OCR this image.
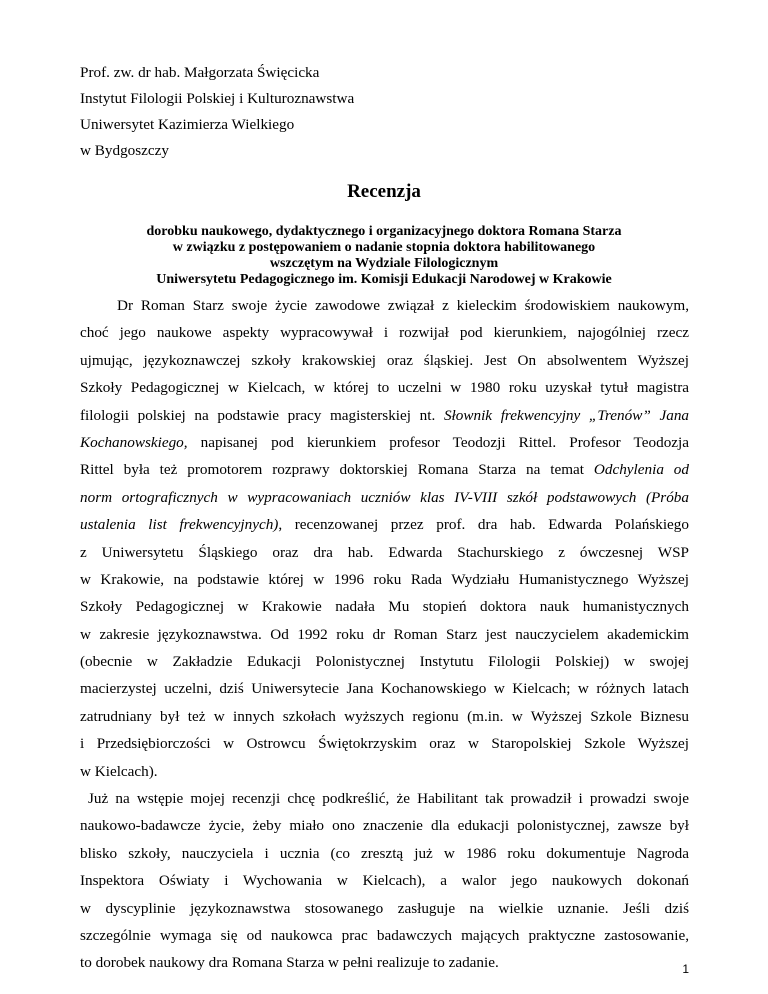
Prof. zw. dr hab. Małgorzata Święcicka
Instytut Filologii Polskiej i Kulturoznawstwa
Uniwersytet Kazimierza Wielkiego
w Bydgoszczy
Recenzja
dorobku naukowego, dydaktycznego i organizacyjnego doktora Romana Starza
w związku z postępowaniem o nadanie stopnia doktora habilitowanego
wszczętym na Wydziale Filologicznym
Uniwersytetu Pedagogicznego im. Komisji Edukacji Narodowej w Krakowie
Dr Roman Starz swoje życie zawodowe związał z kieleckim środowiskiem naukowym,
choć jego naukowe aspekty wypracowywał i rozwijał pod kierunkiem, najogólniej rzecz
ujmując, językoznawczej szkoły krakowskiej oraz śląskiej. Jest On absolwentem Wyższej
Szkoły Pedagogicznej w Kielcach, w której to uczelni w 1980 roku uzyskał tytuł magistra
filologii polskiej na podstawie pracy magisterskiej nt. Słownik frekwencyjny „Trenów” Jana
Kochanowskiego, napisanej pod kierunkiem profesor Teodozji Rittel. Profesor Teodozja
Rittel była też promotorem rozprawy doktorskiej Romana Starza na temat Odchylenia od
norm ortograficznych w wypracowaniach uczniów klas IV-VIII szkół podstawowych (Próba
ustalenia list frekwencyjnych), recenzowanej przez prof. dra hab. Edwarda Polańskiego
z Uniwersytetu Śląskiego oraz dra hab. Edwarda Stachurskiego z ówczesnej WSP
w Krakowie, na podstawie której w 1996 roku Rada Wydziału Humanistycznego Wyższej
Szkoły Pedagogicznej w Krakowie nadała Mu stopień doktora nauk humanistycznych
w zakresie językoznawstwa. Od 1992 roku dr Roman Starz jest nauczycielem akademickim
(obecnie w Zakładzie Edukacji Polonistycznej Instytutu Filologii Polskiej) w swojej
macierzystej uczelni, dziś Uniwersytecie Jana Kochanowskiego w Kielcach; w różnych latach
zatrudniany był też w innych szkołach wyższych regionu (m.in. w Wyższej Szkole Biznesu
i Przedsiębiorczości w Ostrowcu Świętokrzyskim oraz w Staropolskiej Szkole Wyższej
w Kielcach).
Już na wstępie mojej recenzji chcę podkreślić, że Habilitant tak prowadził i prowadzi swoje
naukowo-badawcze życie, żeby miało ono znaczenie dla edukacji polonistycznej, zawsze był
blisko szkoły, nauczyciela i ucznia (co zresztą już w 1986 roku dokumentuje Nagroda
Inspektora Oświaty i Wychowania w Kielcach), a walor jego naukowych dokonań
w dyscyplinie językoznawstwa stosowanego zasługuje na wielkie uznanie. Jeśli dziś
szczególnie wymaga się od naukowca prac badawczych mających praktyczne zastosowanie,
to dorobek naukowy dra Romana Starza w pełni realizuje to zadanie.	1
